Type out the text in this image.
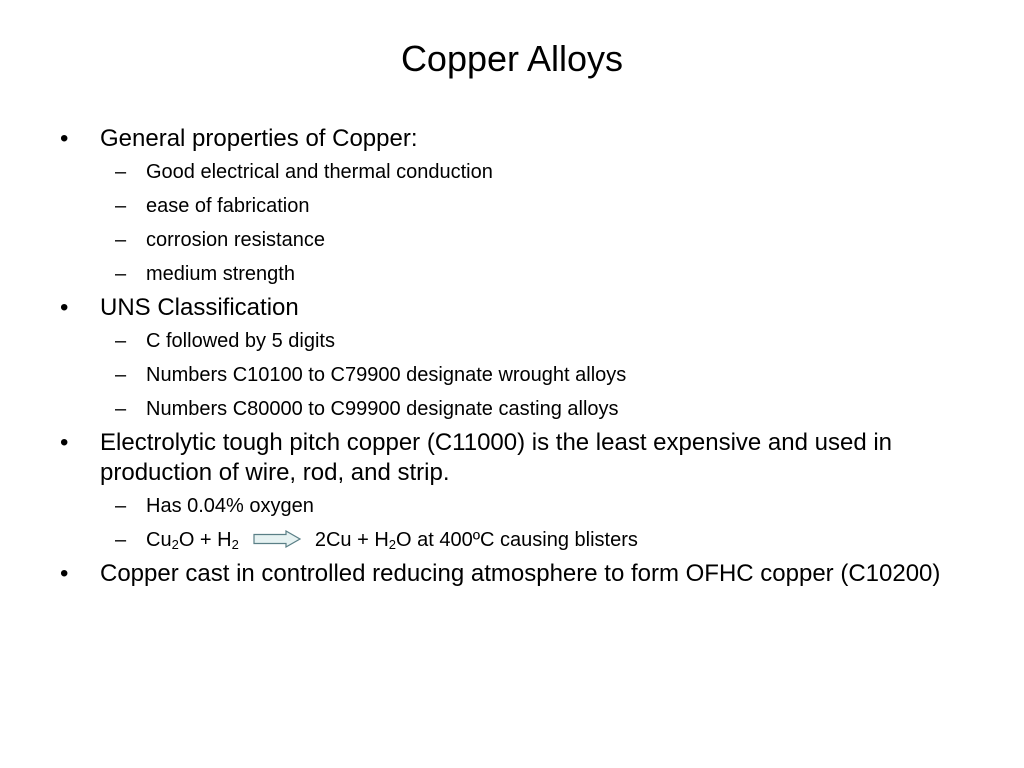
Copper Alloys
• General properties of Copper:
– Good electrical and thermal conduction
– ease of fabrication
– corrosion resistance
– medium strength
• UNS Classification
– C followed by 5 digits
– Numbers C10100 to C79900 designate wrought alloys
– Numbers C80000 to C99900 designate casting alloys
• Electrolytic tough pitch copper (C11000) is the least expensive and used in production of wire, rod, and strip.
– Has 0.04% oxygen
– $Cu_2O + H_2$	$2Cu + H_2O$ at 400ºC causing blisters
• Copper cast in controlled reducing atmosphere to form OFHC copper (C10200)
